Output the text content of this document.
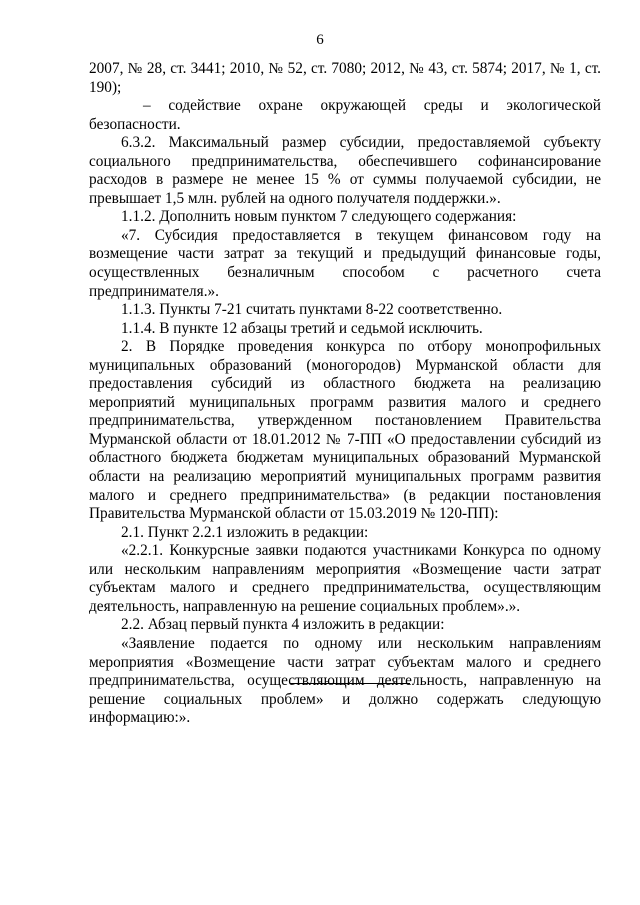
6

2007, № 28, ст. 3441; 2010, № 52, ст. 7080; 2012, № 43, ст. 5874; 2017, № 1, ст. 190);

– содействие охране окружающей среды и экологической безопасности.

6.3.2. Максимальный размер субсидии, предоставляемой субъекту социального предпринимательства, обеспечившего софинансирование расходов в размере не менее 15 % от суммы получаемой субсидии, не превышает 1,5 млн. рублей на одного получателя поддержки.».

1.1.2. Дополнить новым пунктом 7 следующего содержания:

«7. Субсидия предоставляется в текущем финансовом году на возмещение части затрат за текущий и предыдущий финансовые годы, осуществленных безналичным способом с расчетного счета предпринимателя.».

1.1.3. Пункты 7-21 считать пунктами 8-22 соответственно.

1.1.4. В пункте 12 абзацы третий и седьмой исключить.

2. В Порядке проведения конкурса по отбору монопрофильных муниципальных образований (моногородов) Мурманской области для предоставления субсидий из областного бюджета на реализацию мероприятий муниципальных программ развития малого и среднего предпринимательства, утвержденном постановлением Правительства Мурманской области от 18.01.2012 № 7-ПП «О предоставлении субсидий из областного бюджета бюджетам муниципальных образований Мурманской области на реализацию мероприятий муниципальных программ развития малого и среднего предпринимательства» (в редакции постановления Правительства Мурманской области от 15.03.2019 № 120-ПП):

2.1. Пункт 2.2.1 изложить в редакции:

«2.2.1. Конкурсные заявки подаются участниками Конкурса по одному или нескольким направлениям мероприятия «Возмещение части затрат субъектам малого и среднего предпринимательства, осуществляющим деятельность, направленную на решение социальных проблем».».

2.2. Абзац первый пункта 4 изложить в редакции:

«Заявление подается по одному или нескольким направлениям мероприятия «Возмещение части затрат субъектам малого и среднего предпринимательства, осуществляющим деятельность, направленную на решение социальных проблем» и должно содержать следующую информацию:».
